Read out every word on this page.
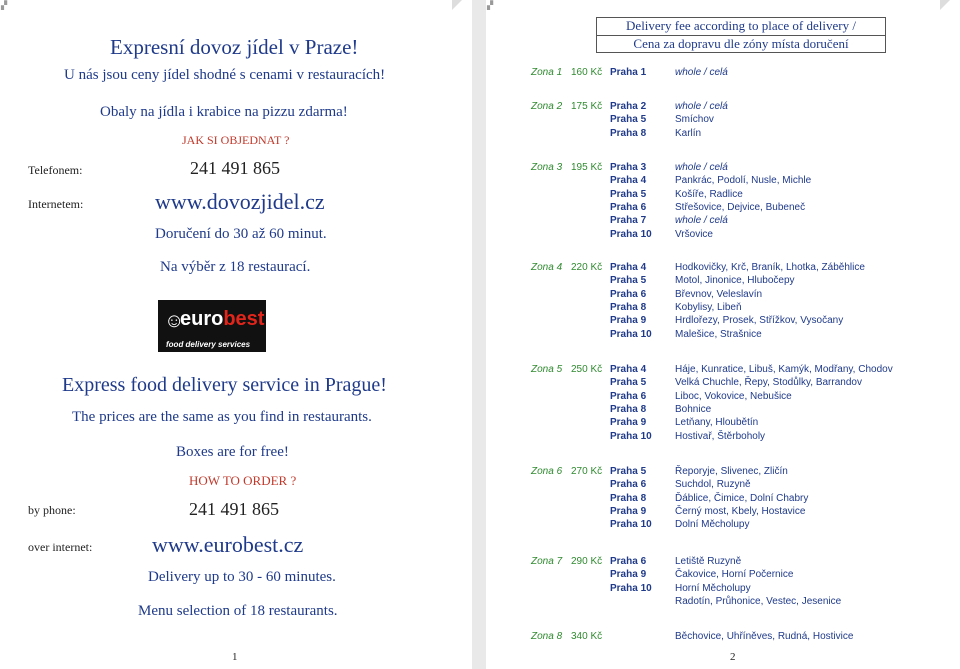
▞
Expresní dovoz jídel v Praze!
U nás jsou ceny jídel shodné s cenami v restauracích!
Obaly na jídla i krabice na pizzu zdarma!
JAK SI OBJEDNAT ?
Telefonem:	241 491 865
Internetem:	www.dovozjidel.cz
Doručení do 30 až 60 minut.
Na výběr z 18 restaurací.
☺
eurobest
food delivery services
Express food delivery service in Prague!
The prices are the same as you find in restaurants.
Boxes are for free!
HOW TO ORDER ?
by phone:	241 491 865
over internet:	www.eurobest.cz
Delivery up to 30 - 60 minutes.
Menu selection of 18 restaurants.
1
▞
Delivery fee according to place of delivery /
Cena za dopravu dle zóny místa doručení
Zona 1 160 Kč Praha 1	whole / celá
Zona 2 175 Kč Praha 2	whole / celá
Praha 5	Smíchov
Praha 8	Karlín
Zona 3 195 Kč Praha 3	whole / celá
Praha 4	Pankrác, Podolí, Nusle, Michle
Praha 5	Košíře, Radlice
Praha 6	Střešovice, Dejvice, Bubeneč
Praha 7	whole / celá
Praha 10 Vršovice
Zona 4 220 Kč Praha 4	Hodkovičky, Krč, Braník, Lhotka, Záběhlice
Praha 5	Motol, Jinonice, Hlubočepy
Praha 6	Břevnov, Veleslavín
Praha 8	Kobylisy, Libeň
Praha 9	Hrdlořezy, Prosek, Střížkov, Vysočany
Praha 10 Malešice, Strašnice
Zona 5 250 Kč Praha 4	Háje, Kunratice, Libuš, Kamýk, Modřany, Chodov
Praha 5	Velká Chuchle, Řepy, Stodůlky, Barrandov
Praha 6	Liboc, Vokovice, Nebušice
Praha 8	Bohnice
Praha 9	Letňany, Hloubětín
Praha 10 Hostivař, Štěrboholy
Zona 6 270 Kč Praha 5	Řeporyje, Slivenec, Zličín
Praha 6	Suchdol, Ruzyně
Praha 8	Ďáblice, Čimice, Dolní Chabry
Praha 9	Černý most, Kbely, Hostavice
Praha 10 Dolní Měcholupy
Zona 7 290 Kč Praha 6	Letiště Ruzyně
Praha 9	Čakovice, Horní Počernice
Praha 10 Horní Měcholupy
Radotín, Průhonice, Vestec, Jesenice
Zona 8 340 Kč	Běchovice, Uhříněves, Rudná, Hostivice
2
